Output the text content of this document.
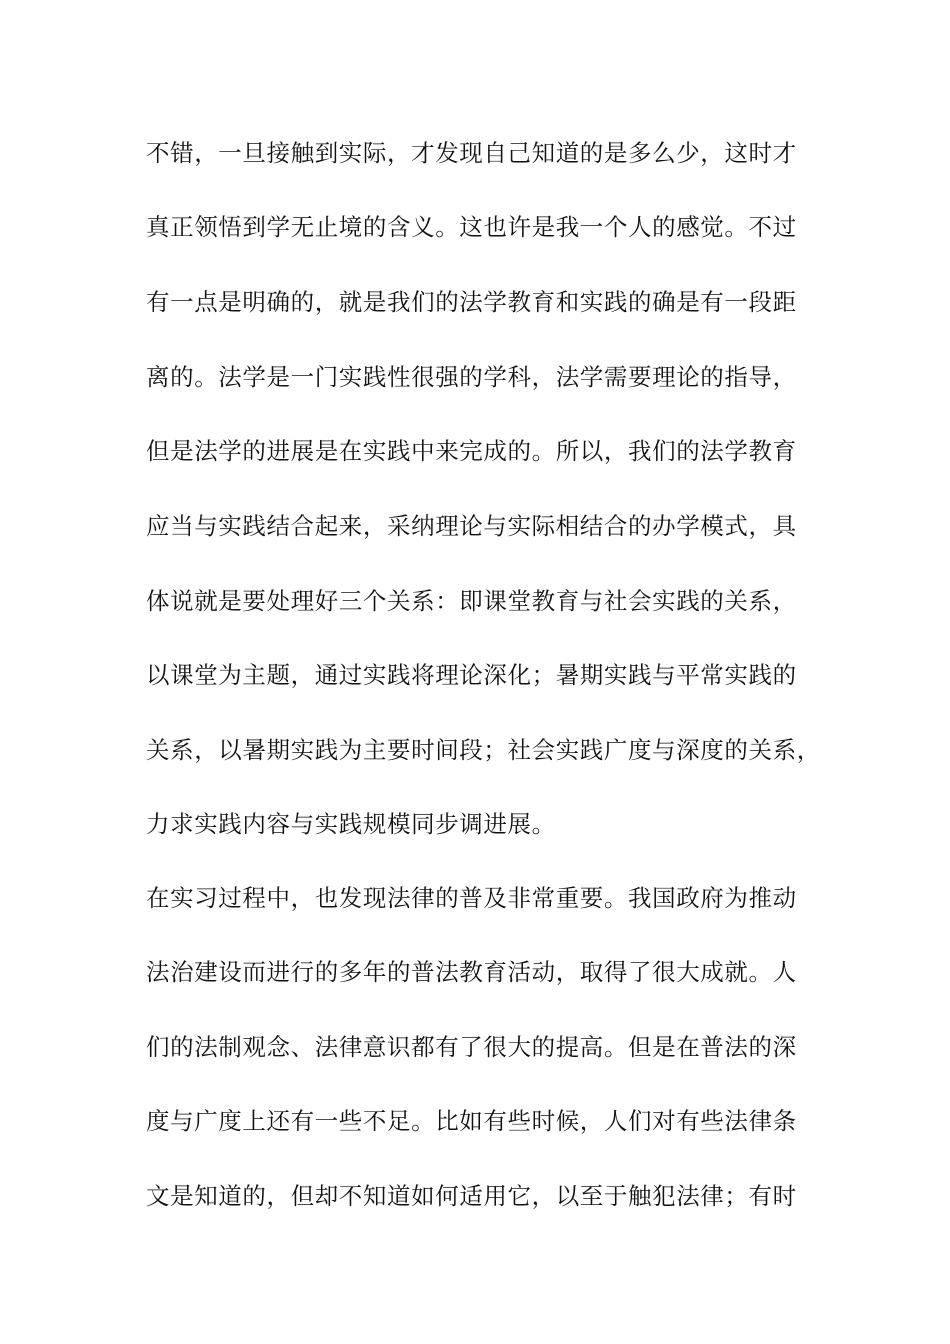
不错，一旦接触到实际，才发现自己知道的是多么少，这时才
真正领悟到学无止境的含义。这也许是我一个人的感觉。不过
有一点是明确的，就是我们的法学教育和实践的确是有一段距
离的。法学是一门实践性很强的学科，法学需要理论的指导，
但是法学的进展是在实践中来完成的。所以，我们的法学教育
应当与实践结合起来，采纳理论与实际相结合的办学模式，具
体说就是要处理好三个关系：即课堂教育与社会实践的关系，
以课堂为主题，通过实践将理论深化；暑期实践与平常实践的
关系，以暑期实践为主要时间段；社会实践广度与深度的关系，
力求实践内容与实践规模同步调进展。
在实习过程中，也发现法律的普及非常重要。我国政府为推动
法治建设而进行的多年的普法教育活动，取得了很大成就。人
们的法制观念、法律意识都有了很大的提高。但是在普法的深
度与广度上还有一些不足。比如有些时候，人们对有些法律条
文是知道的，但却不知道如何适用它，以至于触犯法律；有时
